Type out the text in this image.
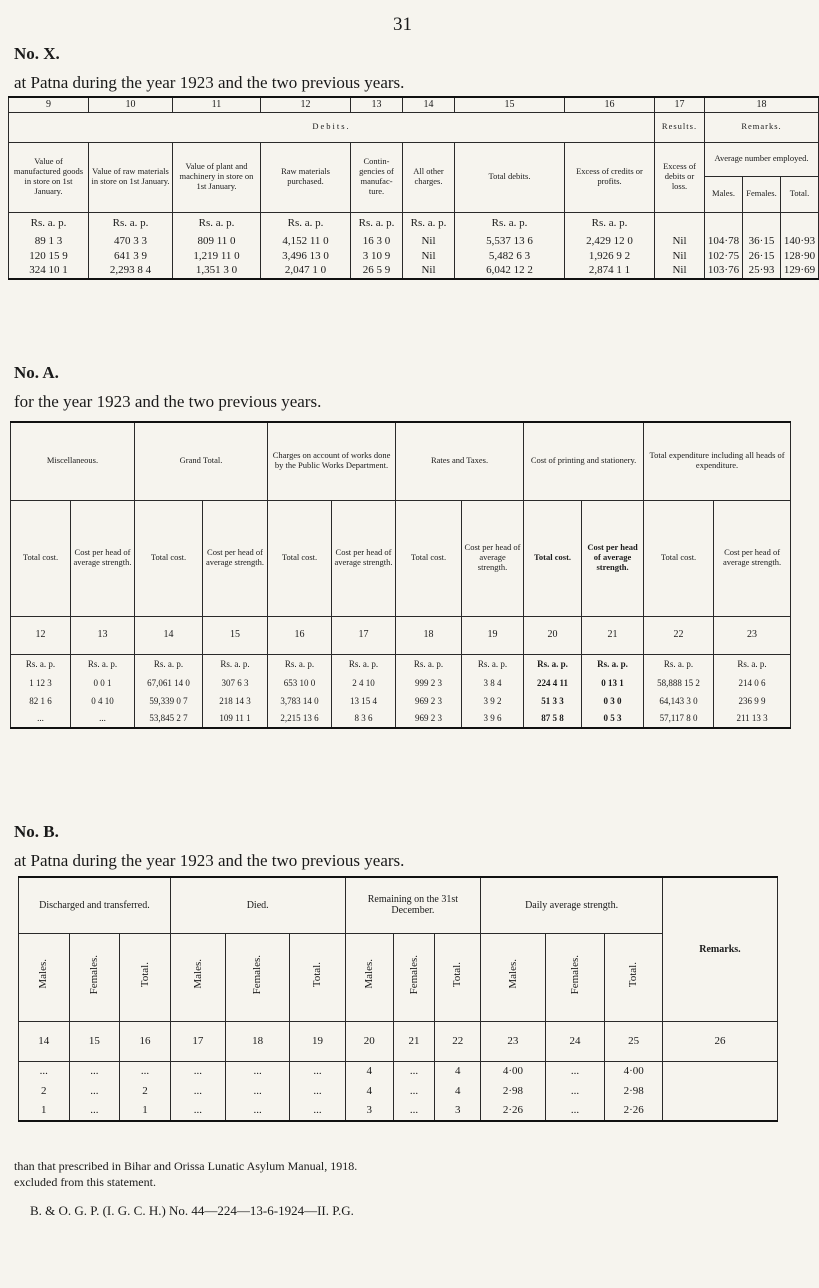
31
No. X.
at Patna during the year 1923 and the two previous years.
9	10	11	12	13	14	15	16	17	18		
Debits.								Results.	Remarks.		
Value of manufactured goods in store on 1st January.	Value of raw materials in store on 1st January.	Value of plant and machinery in store on 1st January.	Raw materials purchased.	Contin-gencies of manufac-ture.	All other charges.	Total debits.	Excess of credits or profits.	Excess of debits or loss.	Average number employed.		
									Males.	Females.	Total.
Rs. a. p.	Rs. a. p.	Rs. a. p.	Rs. a. p.	Rs. a. p.	Rs. a. p.	Rs. a. p.	Rs. a. p.				
89 1 3	470 3 3	809 11 0	4,152 11 0	16 3 0	Nil	5,537 13 6	2,429 12 0	Nil	104·78	36·15	140·93
120 15 9	641 3 9	1,219 11 0	3,496 13 0	3 10 9	Nil	5,482 6 3	1,926 9 2	Nil	102·75	26·15	128·90
324 10 1	2,293 8 4	1,351 3 0	2,047 1 0	26 5 9	Nil	6,042 12 2	2,874 1 1	Nil	103·76	25·93	129·69
No. A.
for the year 1923 and the two previous years.
Miscellaneous.		Grand Total.		Charges on account of works done by the Public Works Department.		Rates and Taxes.		Cost of printing and stationery.		Total expenditure including all heads of expenditure.	
Total cost.	Cost per head of average strength.	Total cost.	Cost per head of average strength.	Total cost.	Cost per head of average strength.	Total cost.	Cost per head of average strength.	Total cost.	Cost per head of average strength.	Total cost.	Cost per head of average strength.
12	13	14	15	16	17	18	19	20	21	22	23
Rs. a. p.	Rs. a. p.	Rs. a. p.	Rs. a. p.	Rs. a. p.	Rs. a. p.	Rs. a. p.	Rs. a. p.	Rs. a. p.	Rs. a. p.	Rs. a. p.	Rs. a. p.
1 12 3	0 0 1	67,061 14 0	307 6 3	653 10 0	2 4 10	999 2 3	3 8 4	224 4 11	0 13 1	58,888 15 2	214 0 6
82 1 6	0 4 10	59,339 0 7	218 14 3	3,783 14 0	13 15 4	969 2 3	3 9 2	51 3 3	0 3 0	64,143 3 0	236 9 9
...	...	53,845 2 7	109 11 1	2,215 13 6	8 3 6	969 2 3	3 9 6	87 5 8	0 5 3	57,117 8 0	211 13 3
No. B.
at Patna during the year 1923 and the two previous years.
Discharged and transferred.			Died.			Remaining on the 31st December.			Daily average strength.			Remarks.
Males.	Females.	Total.	Males.	Females.	Total.	Males.	Females.	Total.	Males.	Females.	Total.	
14	15	16	17	18	19	20	21	22	23	24	25	26
...	...	...	...	...	...	4	...	4	4·00	...	4·00	
2	...	2	...	...	...	4	...	4	2·98	...	2·98	
1	...	1	...	...	...	3	...	3	2·26	...	2·26	
than that prescribed in Bihar and Orissa Lunatic Asylum Manual, 1918.
excluded from this statement.
B. & O. G. P. (I. G. C. H.) No. 44—224—13-6-1924—II. P.G.
